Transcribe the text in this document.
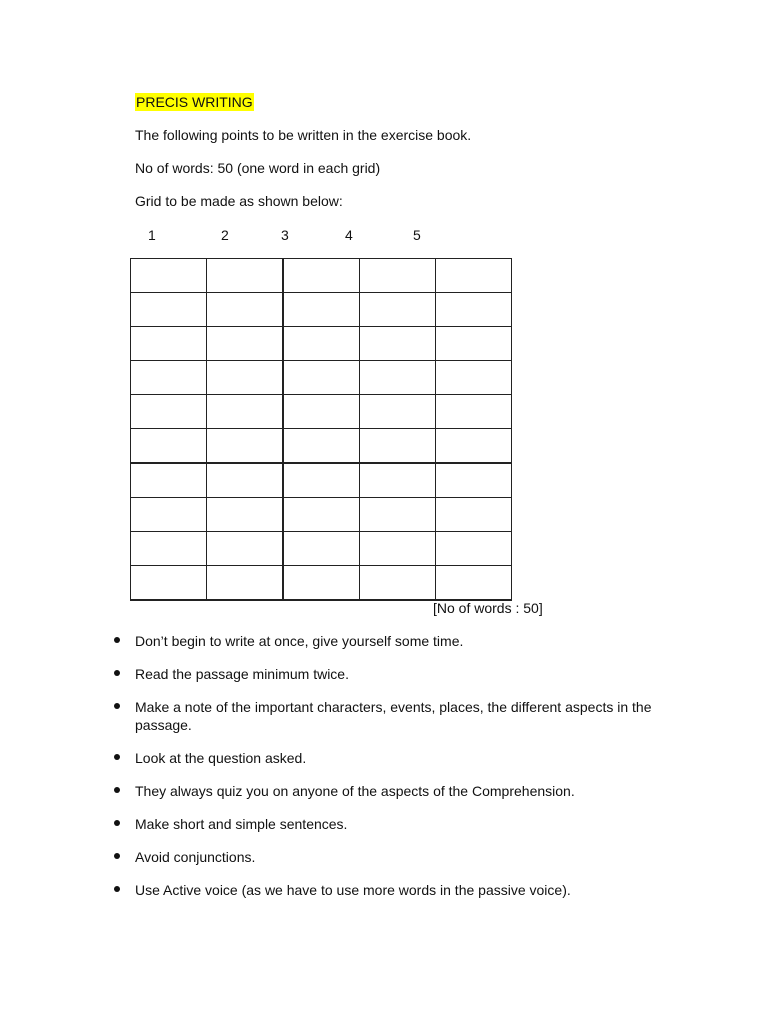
PRECIS WRITING
The following points to be written in the exercise book.
No of words: 50 (one word in each grid)
Grid to be made as shown below:
1	2	3	4	5

[No of words : 50]
Don’t begin to write at once, give yourself some time.
Read the passage minimum twice.
Make a note of the important characters, events, places, the different aspects in the passage.
Look at the question asked.
They always quiz you on anyone of the aspects of the Comprehension.
Make short and simple sentences.
Avoid conjunctions.
Use Active voice (as we have to use more words in the passive voice).
